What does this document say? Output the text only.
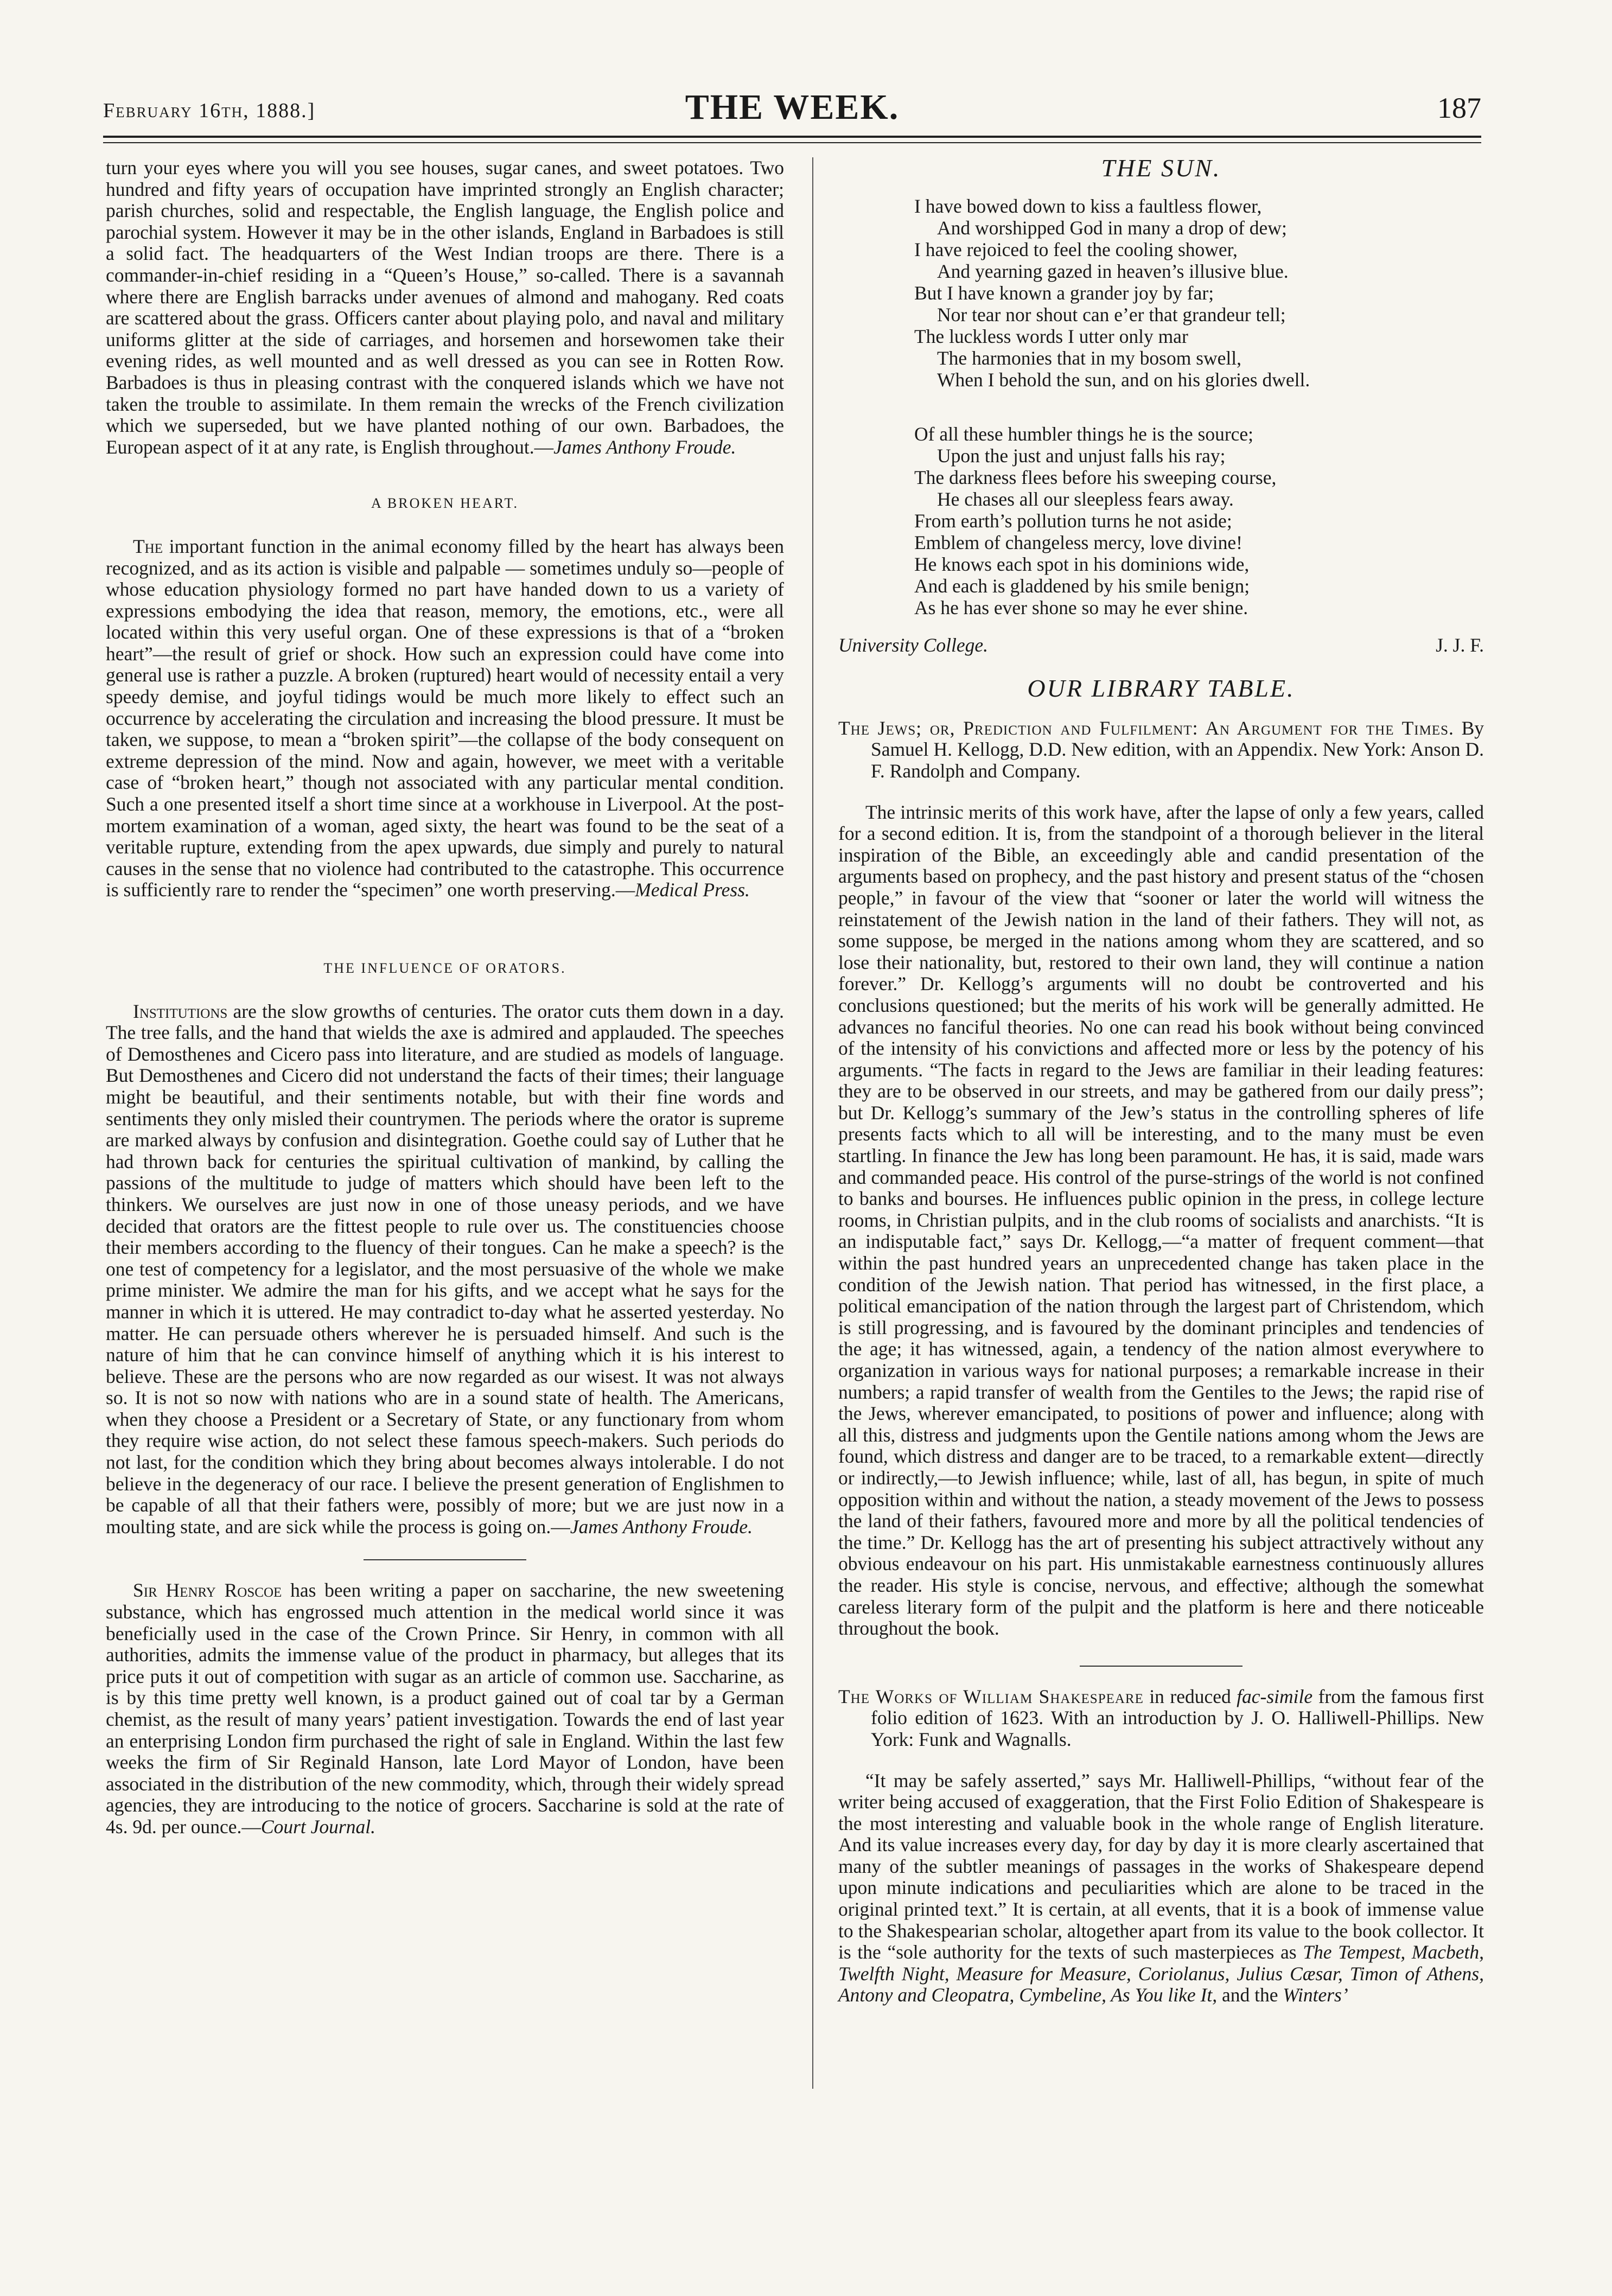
February 16th, 1888.]	THE WEEK.	187

turn your eyes where you will you see houses, sugar canes, and sweet potatoes. Two hundred and fifty years of occupation have imprinted strongly an English character; parish churches, solid and respectable, the English language, the English police and parochial system. However it may be in the other islands, England in Barbadoes is still a solid fact. The headquarters of the West Indian troops are there. There is a commander-in-chief residing in a “Queen’s House,” so-called. There is a savannah where there are English barracks under avenues of almond and mahogany. Red coats are scattered about the grass. Officers canter about playing polo, and naval and military uniforms glitter at the side of carriages, and horsemen and horsewomen take their evening rides, as well mounted and as well dressed as you can see in Rotten Row. Barbadoes is thus in pleasing contrast with the conquered islands which we have not taken the trouble to assimilate. In them remain the wrecks of the French civilization which we superseded, but we have planted nothing of our own. Barbadoes, the European aspect of it at any rate, is English throughout.—James Anthony Froude.

A BROKEN HEART.

The important function in the animal economy filled by the heart has always been recognized, and as its action is visible and palpable — sometimes unduly so—people of whose education physiology formed no part have handed down to us a variety of expressions embodying the idea that reason, memory, the emotions, etc., were all located within this very useful organ. One of these expressions is that of a “broken heart”—the result of grief or shock. How such an expression could have come into general use is rather a puzzle. A broken (ruptured) heart would of necessity entail a very speedy demise, and joyful tidings would be much more likely to effect such an occurrence by accelerating the circulation and increasing the blood pressure. It must be taken, we suppose, to mean a “broken spirit”—the collapse of the body consequent on extreme depression of the mind. Now and again, however, we meet with a veritable case of “broken heart,” though not associated with any particular mental condition. Such a one presented itself a short time since at a workhouse in Liverpool. At the post-mortem examination of a woman, aged sixty, the heart was found to be the seat of a veritable rupture, extending from the apex upwards, due simply and purely to natural causes in the sense that no violence had contributed to the catastrophe. This occurrence is sufficiently rare to render the “specimen” one worth preserving.—Medical Press.

THE INFLUENCE OF ORATORS.

Institutions are the slow growths of centuries. The orator cuts them down in a day. The tree falls, and the hand that wields the axe is admired and applauded. The speeches of Demosthenes and Cicero pass into literature, and are studied as models of language. But Demosthenes and Cicero did not understand the facts of their times; their language might be beautiful, and their sentiments notable, but with their fine words and sentiments they only misled their countrymen. The periods where the orator is supreme are marked always by confusion and disintegration. Goethe could say of Luther that he had thrown back for centuries the spiritual cultivation of mankind, by calling the passions of the multitude to judge of matters which should have been left to the thinkers. We ourselves are just now in one of those uneasy periods, and we have decided that orators are the fittest people to rule over us. The constituencies choose their members according to the fluency of their tongues. Can he make a speech? is the one test of competency for a legislator, and the most persuasive of the whole we make prime minister. We admire the man for his gifts, and we accept what he says for the manner in which it is uttered. He may contradict to-day what he asserted yesterday. No matter. He can persuade others wherever he is persuaded himself. And such is the nature of him that he can convince himself of anything which it is his interest to believe. These are the persons who are now regarded as our wisest. It was not always so. It is not so now with nations who are in a sound state of health. The Americans, when they choose a President or a Secretary of State, or any functionary from whom they require wise action, do not select these famous speech-makers. Such periods do not last, for the condition which they bring about becomes always intolerable. I do not believe in the degeneracy of our race. I believe the present generation of Englishmen to be capable of all that their fathers were, possibly of more; but we are just now in a moulting state, and are sick while the process is going on.—James Anthony Froude.

Sir Henry Roscoe has been writing a paper on saccharine, the new sweetening substance, which has engrossed much attention in the medical world since it was beneficially used in the case of the Crown Prince. Sir Henry, in common with all authorities, admits the immense value of the product in pharmacy, but alleges that its price puts it out of competition with sugar as an article of common use. Saccharine, as is by this time pretty well known, is a product gained out of coal tar by a German chemist, as the result of many years’ patient investigation. Towards the end of last year an enterprising London firm purchased the right of sale in England. Within the last few weeks the firm of Sir Reginald Hanson, late Lord Mayor of London, have been associated in the distribution of the new commodity, which, through their widely spread agencies, they are introducing to the notice of grocers. Saccharine is sold at the rate of 4s. 9d. per ounce.—Court Journal.

THE SUN.
I have bowed down to kiss a faultless flower,
And worshipped God in many a drop of dew;
I have rejoiced to feel the cooling shower,
And yearning gazed in heaven’s illusive blue.
But I have known a grander joy by far;
Nor tear nor shout can e’er that grandeur tell;
The luckless words I utter only mar
The harmonies that in my bosom swell,
When I behold the sun, and on his glories dwell.
Of all these humbler things he is the source;
Upon the just and unjust falls his ray;
The darkness flees before his sweeping course,
He chases all our sleepless fears away.
From earth’s pollution turns he not aside;
Emblem of changeless mercy, love divine!
He knows each spot in his dominions wide,
And each is gladdened by his smile benign;
As he has ever shone so may he ever shine.
University College.	J. J. F.
OUR LIBRARY TABLE.

The Jews; or, Prediction and Fulfilment: An Argument for the Times. By Samuel H. Kellogg, D.D. New edition, with an Appendix. New York: Anson D. F. Randolph and Company.

The intrinsic merits of this work have, after the lapse of only a few years, called for a second edition. It is, from the standpoint of a thorough believer in the literal inspiration of the Bible, an exceedingly able and candid presentation of the arguments based on prophecy, and the past history and present status of the “chosen people,” in favour of the view that “sooner or later the world will witness the reinstatement of the Jewish nation in the land of their fathers. They will not, as some suppose, be merged in the nations among whom they are scattered, and so lose their nationality, but, restored to their own land, they will continue a nation forever.” Dr. Kellogg’s arguments will no doubt be controverted and his conclusions questioned; but the merits of his work will be generally admitted. He advances no fanciful theories. No one can read his book without being convinced of the intensity of his convictions and affected more or less by the potency of his arguments. “The facts in regard to the Jews are familiar in their leading features: they are to be observed in our streets, and may be gathered from our daily press”; but Dr. Kellogg’s summary of the Jew’s status in the controlling spheres of life presents facts which to all will be interesting, and to the many must be even startling. In finance the Jew has long been paramount. He has, it is said, made wars and commanded peace. His control of the purse-strings of the world is not confined to banks and bourses. He influences public opinion in the press, in college lecture rooms, in Christian pulpits, and in the club rooms of socialists and anarchists. “It is an indisputable fact,” says Dr. Kellogg,—“a matter of frequent comment—that within the past hundred years an unprecedented change has taken place in the condition of the Jewish nation. That period has witnessed, in the first place, a political emancipation of the nation through the largest part of Christendom, which is still progressing, and is favoured by the dominant principles and tendencies of the age; it has witnessed, again, a tendency of the nation almost everywhere to organization in various ways for national purposes; a remarkable increase in their numbers; a rapid transfer of wealth from the Gentiles to the Jews; the rapid rise of the Jews, wherever emancipated, to positions of power and influence; along with all this, distress and judgments upon the Gentile nations among whom the Jews are found, which distress and danger are to be traced, to a remarkable extent—directly or indirectly,—to Jewish influence; while, last of all, has begun, in spite of much opposition within and without the nation, a steady movement of the Jews to possess the land of their fathers, favoured more and more by all the political tendencies of the time.” Dr. Kellogg has the art of presenting his subject attractively without any obvious endeavour on his part. His unmistakable earnestness continuously allures the reader. His style is concise, nervous, and effective; although the somewhat careless literary form of the pulpit and the platform is here and there noticeable throughout the book.

The Works of William Shakespeare in reduced fac-simile from the famous first folio edition of 1623. With an introduction by J. O. Halliwell-Phillips. New York: Funk and Wagnalls.

“It may be safely asserted,” says Mr. Halliwell-Phillips, “without fear of the writer being accused of exaggeration, that the First Folio Edition of Shakespeare is the most interesting and valuable book in the whole range of English literature. And its value increases every day, for day by day it is more clearly ascertained that many of the subtler meanings of passages in the works of Shakespeare depend upon minute indications and peculiarities which are alone to be traced in the original printed text.” It is certain, at all events, that it is a book of immense value to the Shakespearian scholar, altogether apart from its value to the book collector. It is the “sole authority for the texts of such masterpieces as The Tempest, Macbeth, Twelfth Night, Measure for Measure, Coriolanus, Julius Cæsar, Timon of Athens, Antony and Cleopatra, Cymbeline, As You like It, and the Winters’
